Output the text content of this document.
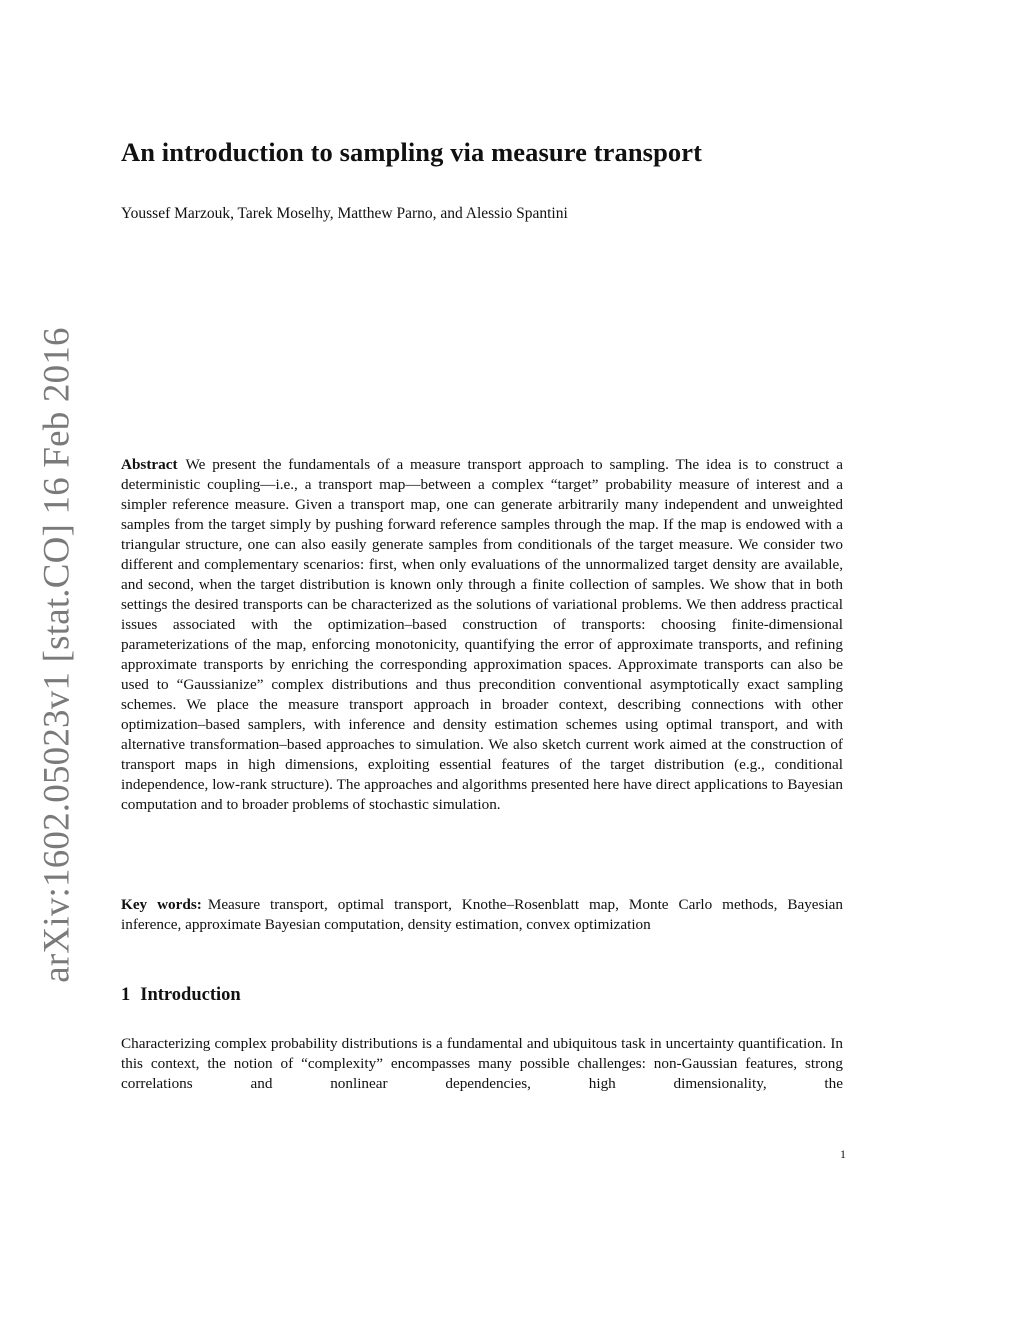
arXiv:1602.05023v1 [stat.CO] 16 Feb 2016
An introduction to sampling via measure transport
Youssef Marzouk, Tarek Moselhy, Matthew Parno, and Alessio Spantini
Abstract We present the fundamentals of a measure transport approach to sampling. The idea is to construct a deterministic coupling—i.e., a transport map—between a complex “target” probability measure of interest and a simpler reference measure. Given a transport map, one can generate arbitrarily many independent and unweighted samples from the target simply by pushing forward reference samples through the map. If the map is endowed with a triangular structure, one can also easily generate samples from conditionals of the target measure. We consider two different and complementary scenarios: first, when only evaluations of the unnormalized target density are available, and second, when the target distribution is known only through a finite collection of samples. We show that in both settings the desired transports can be characterized as the solutions of variational problems. We then address practical issues associated with the optimization–based construction of transports: choosing finite-dimensional parameterizations of the map, enforcing monotonicity, quantifying the error of approximate transports, and refining approximate transports by enriching the corresponding approximation spaces. Approximate transports can also be used to “Gaussianize” complex distributions and thus precondition conventional asymptotically exact sampling schemes. We place the measure transport approach in broader context, describing connections with other optimization–based samplers, with inference and density estimation schemes using optimal transport, and with alternative transformation–based approaches to simulation. We also sketch current work aimed at the construction of transport maps in high dimensions, exploiting essential features of the target distribution (e.g., conditional independence, low-rank structure). The approaches and algorithms presented here have direct applications to Bayesian computation and to broader problems of stochastic simulation.
Key words: Measure transport, optimal transport, Knothe–Rosenblatt map, Monte Carlo methods, Bayesian inference, approximate Bayesian computation, density estimation, convex optimization
1 Introduction
Characterizing complex probability distributions is a fundamental and ubiquitous task in uncertainty quantification. In this context, the notion of “complexity” encompasses many possible challenges: non-Gaussian features, strong correlations and nonlinear dependencies, high dimensionality, the
1
